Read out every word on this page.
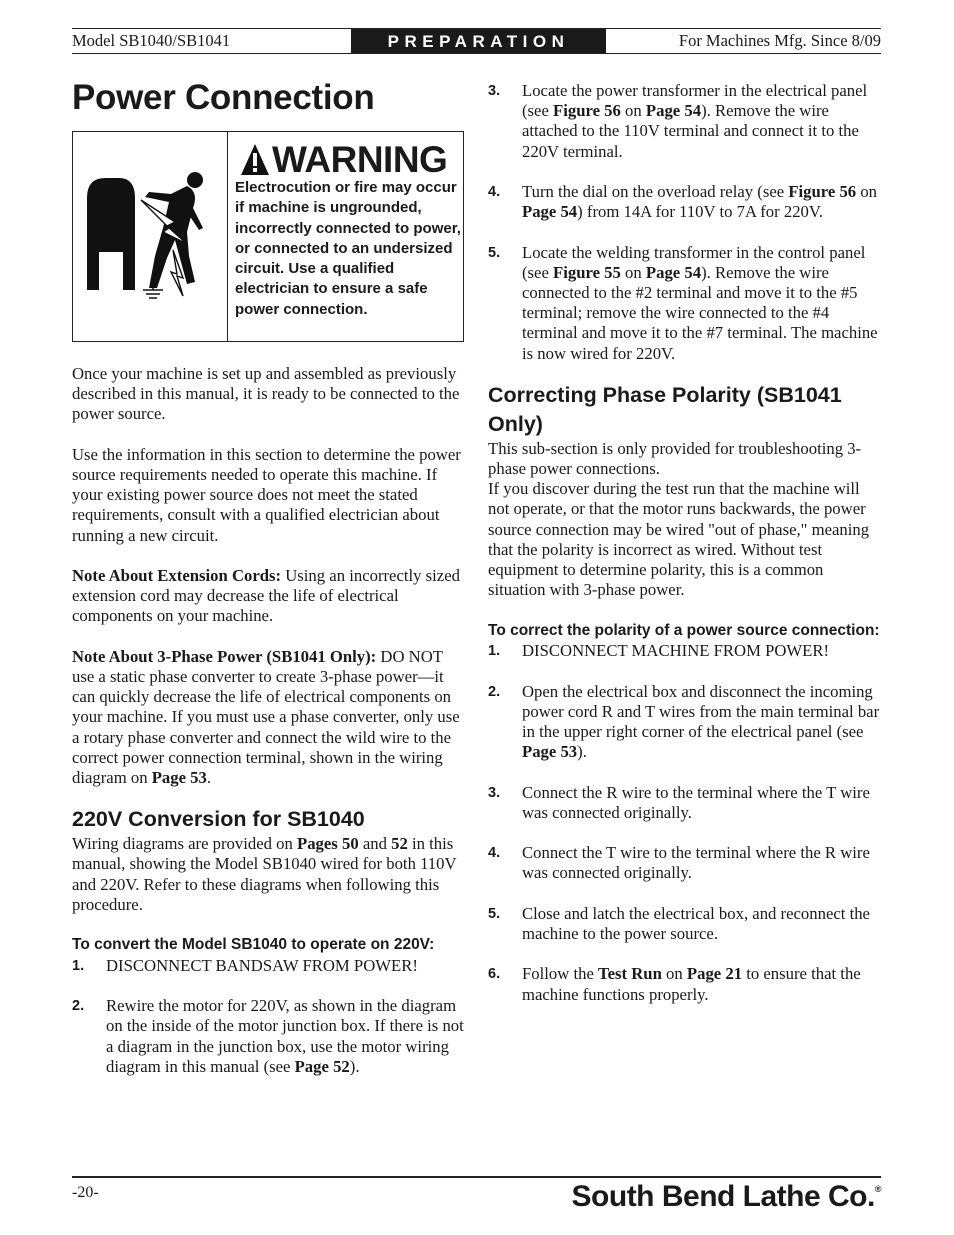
Model SB1040/SB1041	PREPARATION	For Machines Mfg. Since 8/09
Power Connection
WARNING
Electrocution or fire may occur if machine is ungrounded, incorrectly connected to power, or connected to an undersized circuit. Use a qualified electrician to ensure a safe power connection.

Once your machine is set up and assembled as previously described in this manual, it is ready to be connected to the power source.

Use the information in this section to determine the power source requirements needed to operate this machine. If your existing power source does not meet the stated requirements, consult with a qualified electrician about running a new circuit.

Note About Extension Cords: Using an incorrectly sized extension cord may decrease the life of electrical components on your machine.

Note About 3-Phase Power (SB1041 Only): DO NOT use a static phase converter to create 3-phase power—it can quickly decrease the life of electrical components on your machine. If you must use a phase converter, only use a rotary phase converter and connect the wild wire to the correct power connection terminal, shown in the wiring diagram on Page 53.

220V Conversion for SB1040

Wiring diagrams are provided on Pages 50 and 52 in this manual, showing the Model SB1040 wired for both 110V and 220V. Refer to these diagrams when following this procedure.

To convert the Model SB1040 to operate on 220V:
1.	DISCONNECT BANDSAW FROM POWER!
2.	Rewire the motor for 220V, as shown in the diagram on the inside of the motor junction box. If there is not a diagram in the junction box, use the motor wiring diagram in this manual (see Page 52).
3.	Locate the power transformer in the electrical panel (see Figure 56 on Page 54). Remove the wire attached to the 110V terminal and connect it to the 220V terminal.
4.	Turn the dial on the overload relay (see Figure 56 on Page 54) from 14A for 110V to 7A for 220V.
5.	Locate the welding transformer in the control panel (see Figure 55 on Page 54). Remove the wire connected to the #2 terminal and move it to the #5 terminal; remove the wire connected to the #4 terminal and move it to the #7 terminal. The machine is now wired for 220V.
Correcting Phase Polarity (SB1041 Only)

This sub-section is only provided for troubleshooting 3-phase power connections.

If you discover during the test run that the machine will not operate, or that the motor runs backwards, the power source connection may be wired "out of phase," meaning that the polarity is incorrect as wired. Without test equipment to determine polarity, this is a common situation with 3-phase power.

To correct the polarity of a power source connection:
1.	DISCONNECT MACHINE FROM POWER!
2.	Open the electrical box and disconnect the incoming power cord R and T wires from the main terminal bar in the upper right corner of the electrical panel (see Page 53).
3.	Connect the R wire to the terminal where the T wire was connected originally.
4.	Connect the T wire to the terminal where the R wire was connected originally.
5.	Close and latch the electrical box, and reconnect the machine to the power source.
6.	Follow the Test Run on Page 21 to ensure that the machine functions properly.
-20-	South Bend Lathe Co.®
